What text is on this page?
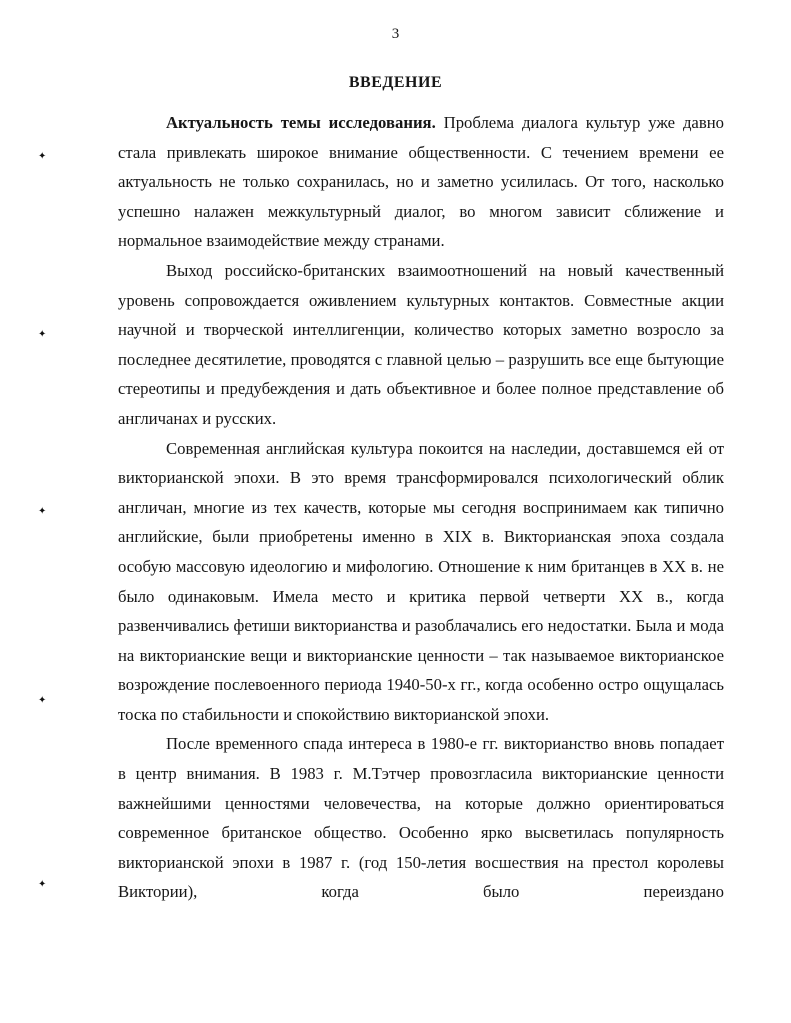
3
ВВЕДЕНИЕ

Актуальность темы исследования. Проблема диалога культур уже давно стала привлекать широкое внимание общественности. С течением времени ее актуальность не только сохранилась, но и заметно усилилась. От того, насколько успешно налажен межкультурный диалог, во многом зависит сближение и нормальное взаимодействие между странами.

Выход российско-британских взаимоотношений на новый качественный уровень сопровождается оживлением культурных контактов. Совместные акции научной и творческой интеллигенции, количество которых заметно возросло за последнее десятилетие, проводятся с главной целью – разрушить все еще бытующие стереотипы и предубеждения и дать объективное и более полное представление об англичанах и русских.

Современная английская культура покоится на наследии, доставшемся ей от викторианской эпохи. В это время трансформировался психологический облик англичан, многие из тех качеств, которые мы сегодня воспринимаем как типично английские, были приобретены именно в XIX в. Викторианская эпоха создала особую массовую идеологию и мифологию. Отношение к ним британцев в XX в. не было одинаковым. Имела место и критика первой четверти XX в., когда развенчивались фетиши викторианства и разоблачались его недостатки. Была и мода на викторианские вещи и викторианские ценности – так называемое викторианское возрождение послевоенного периода 1940-50-х гг., когда особенно остро ощущалась тоска по стабильности и спокойствию викторианской эпохи.

После временного спада интереса в 1980-е гг. викторианство вновь попадает в центр внимания. В 1983 г. М.Тэтчер провозгласила викторианские ценности важнейшими ценностями человечества, на которые должно ориентироваться современное британское общество. Особенно ярко высветилась популярность викторианской эпохи в 1987 г. (год 150-летия восшествия на престол королевы Виктории), когда было переиздано

✦
✦
✦
✦
✦
